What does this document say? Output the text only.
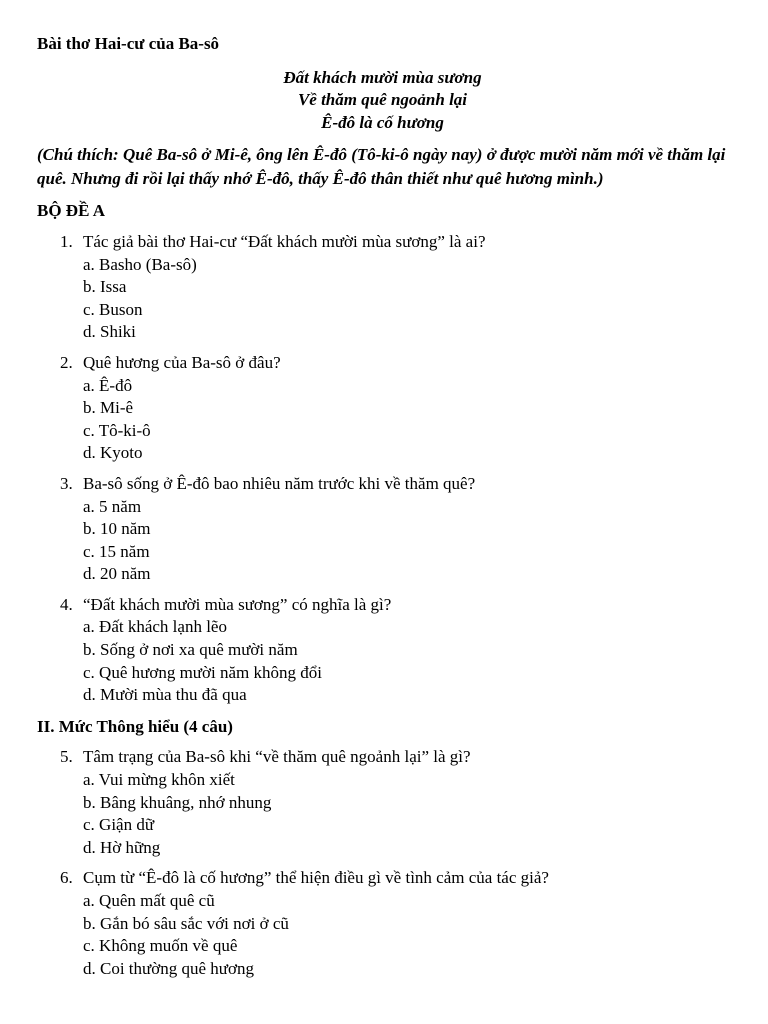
Bài thơ Hai-cư của Ba-sô
Đất khách mười mùa sương
Về thăm quê ngoảnh lại
Ê-đô là cố hương
(Chú thích: Quê Ba-sô ở Mi-ê, ông lên Ê-đô (Tô-ki-ô ngày nay) ở được mười năm mới về thăm lại quê. Nhưng đi rồi lại thấy nhớ Ê-đô, thấy Ê-đô thân thiết như quê hương mình.)
BỘ ĐỀ A
1. Tác giả bài thơ Hai-cư “Đất khách mười mùa sương” là ai?
a. Basho (Ba-sô)
b. Issa
c. Buson
d. Shiki
2. Quê hương của Ba-sô ở đâu?
a. Ê-đô
b. Mi-ê
c. Tô-ki-ô
d. Kyoto
3. Ba-sô sống ở Ê-đô bao nhiêu năm trước khi về thăm quê?
a. 5 năm
b. 10 năm
c. 15 năm
d. 20 năm
4. “Đất khách mười mùa sương” có nghĩa là gì?
a. Đất khách lạnh lẽo
b. Sống ở nơi xa quê mười năm
c. Quê hương mười năm không đổi
d. Mười mùa thu đã qua
II. Mức Thông hiểu (4 câu)
5. Tâm trạng của Ba-sô khi “về thăm quê ngoảnh lại” là gì?
a. Vui mừng khôn xiết
b. Bâng khuâng, nhớ nhung
c. Giận dữ
d. Hờ hững
6. Cụm từ “Ê-đô là cố hương” thể hiện điều gì về tình cảm của tác giả?
a. Quên mất quê cũ
b. Gắn bó sâu sắc với nơi ở cũ
c. Không muốn về quê
d. Coi thường quê hương
